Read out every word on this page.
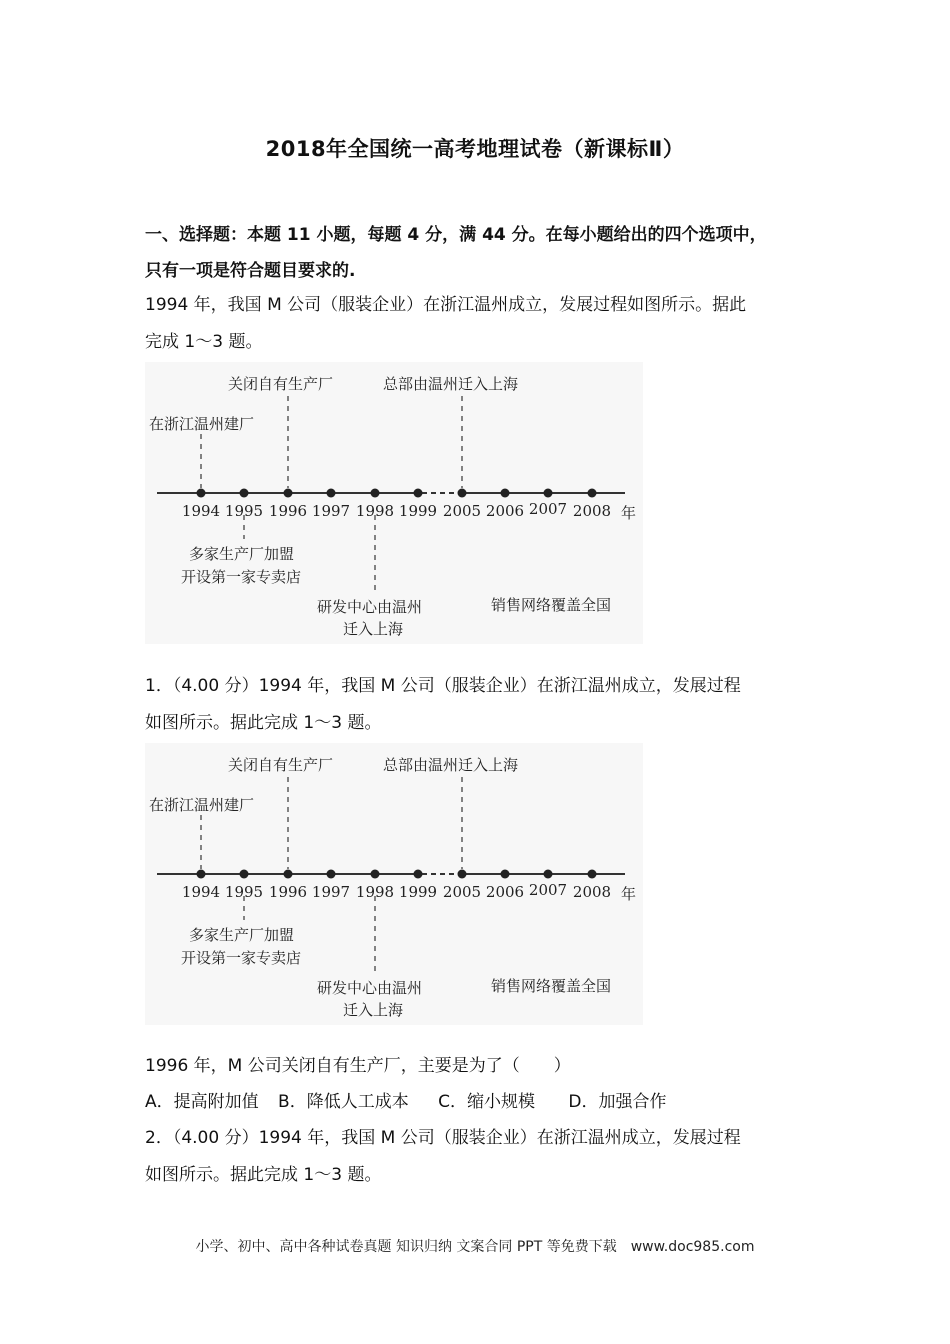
2018年全国统一高考地理试卷（新课标Ⅱ）
一、选择题：本题 11 小题，每题 4 分，满 44 分。在每小题给出的四个选项中，
只有一项是符合题目要求的.
1994 年，我国 M 公司（服装企业）在浙江温州成立，发展过程如图所示。据此
完成 1～3 题。
1994 1995 1996 1997 1998 1999 2005 2006 2007 2008 年
在浙江温州建厂
关闭自有生产厂	总部由温州迁入上海
多家生产厂加盟
开设第一家专卖店
研发中心由温州
迁入上海
销售网络覆盖全国
1．（4.00 分）1994 年，我国 M 公司（服装企业）在浙江温州成立，发展过程
如图所示。据此完成 1～3 题。
1994 1995 1996 1997 1998 1999 2005 2006 2007 2008 年
在浙江温州建厂
关闭自有生产厂	总部由温州迁入上海
多家生产厂加盟
开设第一家专卖店
研发中心由温州
迁入上海
销售网络覆盖全国
1996 年，M 公司关闭自有生产厂，主要是为了（　　）
A．提高附加值 B．降低人工成本 C．缩小规模 D．加强合作
2．（4.00 分）1994 年，我国 M 公司（服装企业）在浙江温州成立，发展过程
如图所示。据此完成 1～3 题。
小学、初中、高中各种试卷真题 知识归纳 文案合同 PPT 等免费下载　www.doc985.com
